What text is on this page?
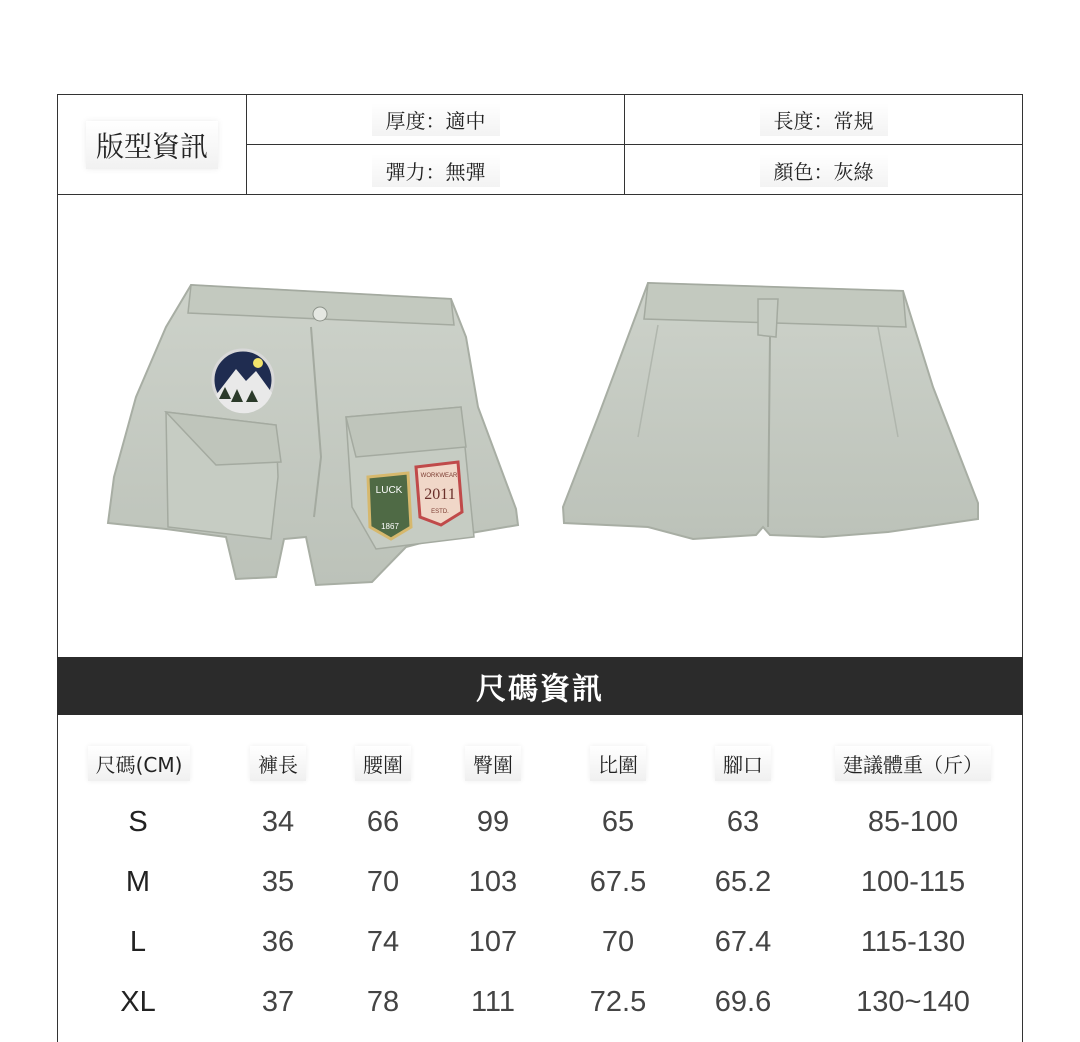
版型資訊
厚度：適中	長度：常規
彈力：無彈	顏色：灰綠
LUCK
1867
WORKWEAR
2011
ESTD.
尺碼資訊
尺碼(CM)	褲長	腰圍	臀圍	比圍	腳口	建議體重（斤）
S	34	66	99	65	63	85-100
M	35	70	103	67.5	65.2	100-115
L	36	74	107	70	67.4	115-130
XL	37	78	111	72.5	69.6	130~140
